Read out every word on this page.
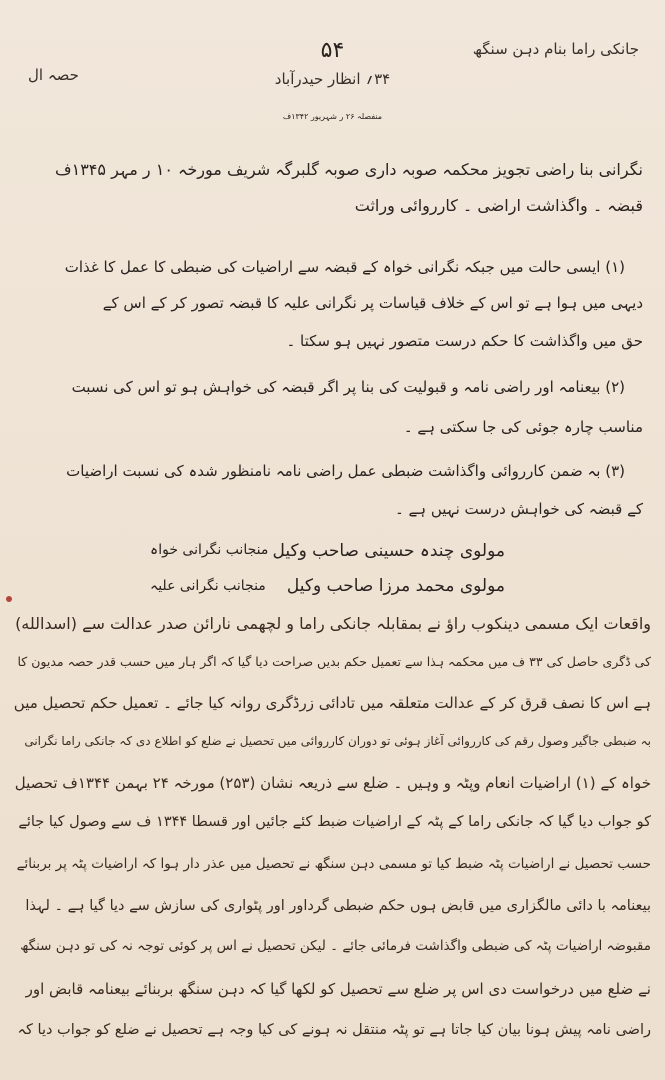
جانکی راما بنام دہن سنگھ
۳۴؍ انظار حیدرآباد
حصہ ال
۵۴
منفصلہ ۲۶ ر شہریور ۱۳۴۲ف
نگرانی بنا راضی تجویز محکمہ صوبہ داری صوبہ گلبرگہ شریف مورخہ ۱۰ ر مہر ۱۳۴۵ف
قبضہ ۔ واگذاشت اراضی ۔ کارروائی وراثت
(۱) ایسی حالت میں جبکہ نگرانی خواہ کے قبضہ سے اراضیات کی ضبطی کا عمل کا غذات
دیہی میں ہوا ہے تو اس کے خلاف قیاسات پر نگرانی علیہ کا قبضہ تصور کر کے اس کے
حق میں واگذاشت کا حکم درست متصور نہیں ہو سکتا ۔
(۲) بیعنامہ اور راضی نامہ و قبولیت کی بنا پر اگر قبضہ کی خواہش ہو تو اس کی نسبت
مناسب چارہ جوئی کی جا سکتی ہے ۔
(۳) بہ ضمن کارروائی واگذاشت ضبطی عمل راضی نامہ نامنظور شدہ کی نسبت اراضیات
کے قبضہ کی خواہش درست نہیں ہے ۔
مولوی چندہ حسینی صاحب وکیل
منجانب نگرانی خواہ
مولوی محمد مرزا صاحب وکیل
منجانب نگرانی علیہ
واقعات ایک مسمی دینکوب راؤ نے بمقابلہ جانکی راما و لچھمی نارائن صدر عدالت سے (اسدالله)
کی ڈگری حاصل کی ۳۳ ف میں محکمہ ہذا سے تعمیل حکم بدیں صراحت دیا گیا کہ اگر ہار میں حسب قدر حصہ مدیون کا
ہے اس کا نصف قرق کر کے عدالت متعلقہ میں تادائی زرڈگری روانہ کیا جائے ۔ تعمیل حکم تحصیل میں
بہ ضبطی جاگیر وصول رقم کی کارروائی آغاز ہوئی تو دوران کارروائی میں تحصیل نے ضلع کو اطلاع دی کہ جانکی راما نگرانی
خواہ کے (۱) اراضیات انعام وپٹہ و وہیں ۔ ضلع سے ذریعہ نشان (۲۵۳) مورخہ ۲۴ بہمن ۱۳۴۴ف تحصیل
کو جواب دیا گیا کہ جانکی راما کے پٹہ کے اراضیات ضبط کئے جائیں اور قسطا ۱۳۴۴ ف سے وصول کیا جائے
حسب تحصیل نے اراضیات پٹہ ضبط کیا تو مسمی دہن سنگھ نے تحصیل میں عذر دار ہوا کہ اراضیات پٹہ پر بربنائے
بیعنامہ با دائی مالگزاری میں قابض ہوں حکم ضبطی گرداور اور پٹواری کی سازش سے دیا گیا ہے ۔ لہذا
مقبوضہ اراضیات پٹہ کی ضبطی واگذاشت فرمائی جائے ۔ لیکن تحصیل نے اس پر کوئی توجہ نہ کی تو دہن سنگھ
نے ضلع میں درخواست دی اس پر ضلع سے تحصیل کو لکھا گیا کہ دہن سنگھ بربنائے بیعنامہ قابض اور
راضی نامہ پیش ہونا بیان کیا جاتا ہے تو پٹہ منتقل نہ ہونے کی کیا وجہ ہے تحصیل نے ضلع کو جواب دیا کہ
